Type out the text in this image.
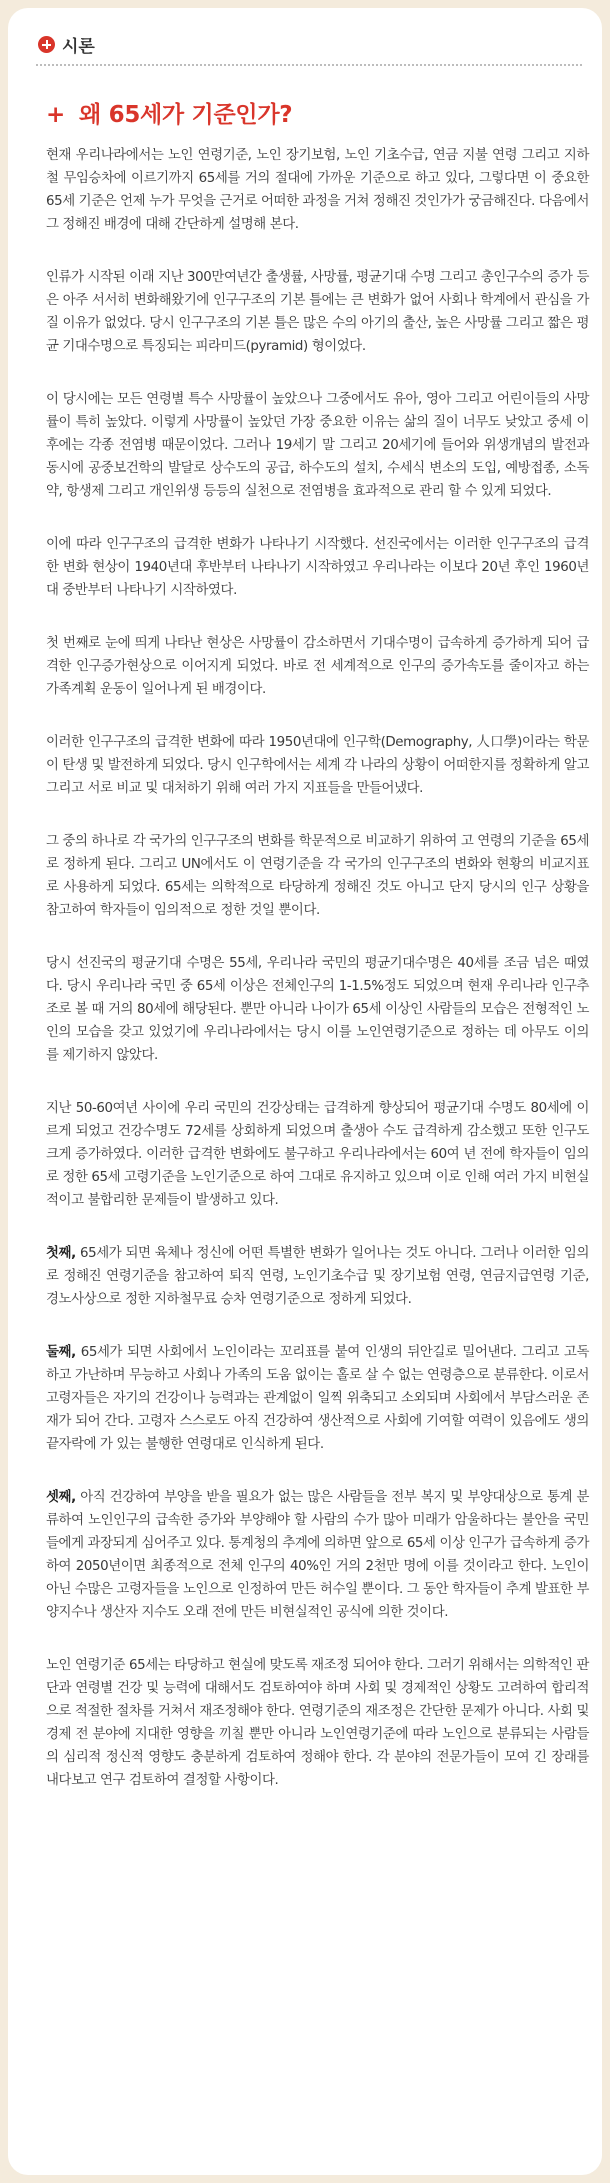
시론
+ 왜 65세가 기준인가?

현재 우리나라에서는 노인 연령기준, 노인 장기보험, 노인 기초수급, 연금 지불 연령 그리고 지하철 무임승차에 이르기까지 65세를 거의 절대에 가까운 기준으로 하고 있다, 그렇다면 이 중요한 65세 기준은 언제 누가 무엇을 근거로 어떠한 과정을 거쳐 정해진 것인가가 궁금해진다. 다음에서 그 정해진 배경에 대해 간단하게 설명해 본다.

인류가 시작된 이래 지난 300만여년간 출생률, 사망률, 평균기대 수명 그리고 총인구수의 증가 등은 아주 서서히 변화해왔기에 인구구조의 기본 틀에는 큰 변화가 없어 사회나 학계에서 관심을 가질 이유가 없었다. 당시 인구구조의 기본 틀은 많은 수의 아기의 출산, 높은 사망률 그리고 짧은 평균 기대수명으로 특징되는 피라미드(pyramid) 형이었다.

이 당시에는 모든 연령별 특수 사망률이 높았으나 그중에서도 유아, 영아 그리고 어린이들의 사망률이 특히 높았다. 이렇게 사망률이 높았던 가장 중요한 이유는 삶의 질이 너무도 낮았고 중세 이후에는 각종 전염병 때문이었다. 그러나 19세기 말 그리고 20세기에 들어와 위생개념의 발전과 동시에 공중보건학의 발달로 상수도의 공급, 하수도의 설치, 수세식 변소의 도입, 예방접종, 소독약, 항생제 그리고 개인위생 등등의 실천으로 전염병을 효과적으로 관리 할 수 있게 되었다.

이에 따라 인구구조의 급격한 변화가 나타나기 시작했다. 선진국에서는 이러한 인구구조의 급격한 변화 현상이 1940년대 후반부터 나타나기 시작하였고 우리나라는 이보다 20년 후인 1960년대 중반부터 나타나기 시작하였다.

첫 번째로 눈에 띄게 나타난 현상은 사망률이 감소하면서 기대수명이 급속하게 증가하게 되어 급격한 인구증가현상으로 이어지게 되었다. 바로 전 세계적으로 인구의 증가속도를 줄이자고 하는 가족계획 운동이 일어나게 된 배경이다.

이러한 인구구조의 급격한 변화에 따라 1950년대에 인구학(Demography, 人口學)이라는 학문이 탄생 및 발전하게 되었다. 당시 인구학에서는 세계 각 나라의 상황이 어떠한지를 정확하게 알고 그리고 서로 비교 및 대처하기 위해 여러 가지 지표들을 만들어냈다.

그 중의 하나로 각 국가의 인구구조의 변화를 학문적으로 비교하기 위하여 고 연령의 기준을 65세로 정하게 된다. 그리고 UN에서도 이 연령기준을 각 국가의 인구구조의 변화와 현황의 비교지표로 사용하게 되었다. 65세는 의학적으로 타당하게 정해진 것도 아니고 단지 당시의 인구 상황을 참고하여 학자들이 임의적으로 정한 것일 뿐이다.

당시 선진국의 평균기대 수명은 55세, 우리나라 국민의 평균기대수명은 40세를 조금 넘은 때였다. 당시 우리나라 국민 중 65세 이상은 전체인구의 1-1.5%정도 되었으며 현재 우리나라 인구추조로 볼 때 거의 80세에 해당된다. 뿐만 아니라 나이가 65세 이상인 사람들의 모습은 전형적인 노인의 모습을 갖고 있었기에 우리나라에서는 당시 이를 노인연령기준으로 정하는 데 아무도 이의를 제기하지 않았다.

지난 50-60여년 사이에 우리 국민의 건강상태는 급격하게 향상되어 평균기대 수명도 80세에 이르게 되었고 건강수명도 72세를 상회하게 되었으며 출생아 수도 급격하게 감소했고 또한 인구도 크게 증가하였다. 이러한 급격한 변화에도 불구하고 우리나라에서는 60여 년 전에 학자들이 임의로 정한 65세 고령기준을 노인기준으로 하여 그대로 유지하고 있으며 이로 인해 여러 가지 비현실적이고 불합리한 문제들이 발생하고 있다.

첫째, 65세가 되면 육체나 정신에 어떤 특별한 변화가 일어나는 것도 아니다. 그러나 이러한 임의로 정해진 연령기준을 참고하여 퇴직 연령, 노인기초수급 및 장기보험 연령, 연금지급연령 기준, 경노사상으로 정한 지하철무료 승차 연령기준으로 정하게 되었다.

둘째, 65세가 되면 사회에서 노인이라는 꼬리표를 붙여 인생의 뒤안길로 밀어낸다. 그리고 고독하고 가난하며 무능하고 사회나 가족의 도움 없이는 홀로 살 수 없는 연령층으로 분류한다. 이로서 고령자들은 자기의 건강이나 능력과는 관계없이 일찍 위축되고 소외되며 사회에서 부담스러운 존재가 되어 간다. 고령자 스스로도 아직 건강하여 생산적으로 사회에 기여할 여력이 있음에도 생의 끝자락에 가 있는 불행한 연령대로 인식하게 된다.

셋째, 아직 건강하여 부양을 받을 필요가 없는 많은 사람들을 전부 복지 및 부양대상으로 통계 분류하여 노인인구의 급속한 증가와 부양해야 할 사람의 수가 많아 미래가 암울하다는 불안을 국민들에게 과장되게 심어주고 있다. 통계청의 추계에 의하면 앞으로 65세 이상 인구가 급속하게 증가하여 2050년이면 최종적으로 전체 인구의 40%인 거의 2천만 명에 이를 것이라고 한다. 노인이 아닌 수많은 고령자들을 노인으로 인정하여 만든 허수일 뿐이다. 그 동안 학자들이 추계 발표한 부양지수나 생산자 지수도 오래 전에 만든 비현실적인 공식에 의한 것이다.

노인 연령기준 65세는 타당하고 현실에 맞도록 재조정 되어야 한다. 그러기 위해서는 의학적인 판단과 연령별 건강 및 능력에 대해서도 검토하여야 하며 사회 및 경제적인 상황도 고려하여 합리적으로 적절한 절차를 거쳐서 재조정해야 한다. 연령기준의 재조정은 간단한 문제가 아니다. 사회 및 경제 전 분야에 지대한 영향을 끼칠 뿐만 아니라 노인연령기준에 따라 노인으로 분류되는 사람들의 심리적 정신적 영향도 충분하게 검토하여 정해야 한다. 각 분야의 전문가들이 모여 긴 장래를 내다보고 연구 검토하여 결정할 사항이다.
